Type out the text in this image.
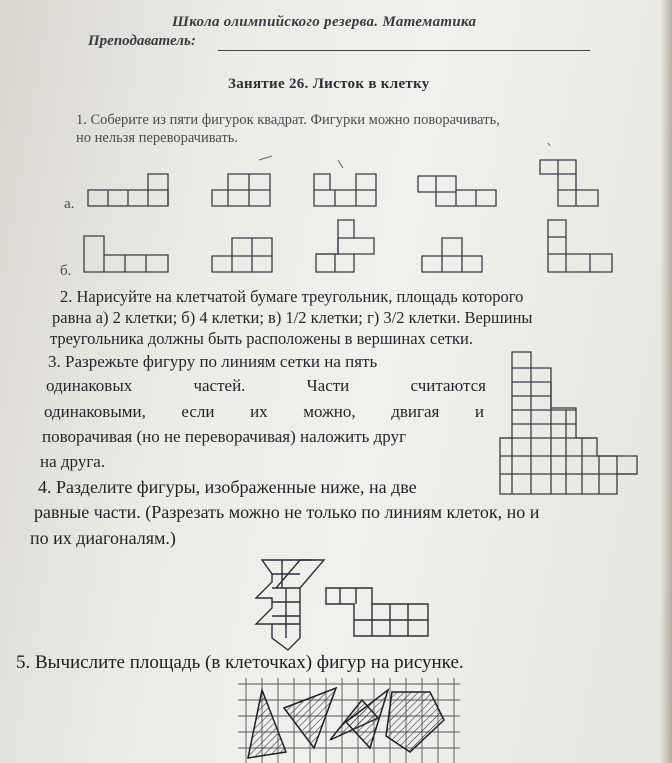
Школа олимпийского резерва. Математика
Преподаватель:
Занятие 26. Листок в клетку
1. Соберите из пяти фигурок квадрат. Фигурки можно поворачивать,
но нельзя переворачивать.
а.
б.
2. Нарисуйте на клетчатой бумаге треугольник, площадь которого
равна а) 2 клетки; б) 4 клетки; в) 1/2 клетки; г) 3/2 клетки. Вершины
треугольника должны быть расположены в вершинах сетки.
3. Разрежьте фигуру по линиям сетки на пять
одинаковых частей. Части считаются
одинаковыми, если их можно, двигая и
поворачивая (но не переворачивая) наложить друг
на друга.
4. Разделите фигуры, изображенные ниже, на две
равные части. (Разрезать можно не только по линиям клеток, но и
по их диагоналям.)
5. Вычислите площадь (в клеточках) фигур на рисунке.
